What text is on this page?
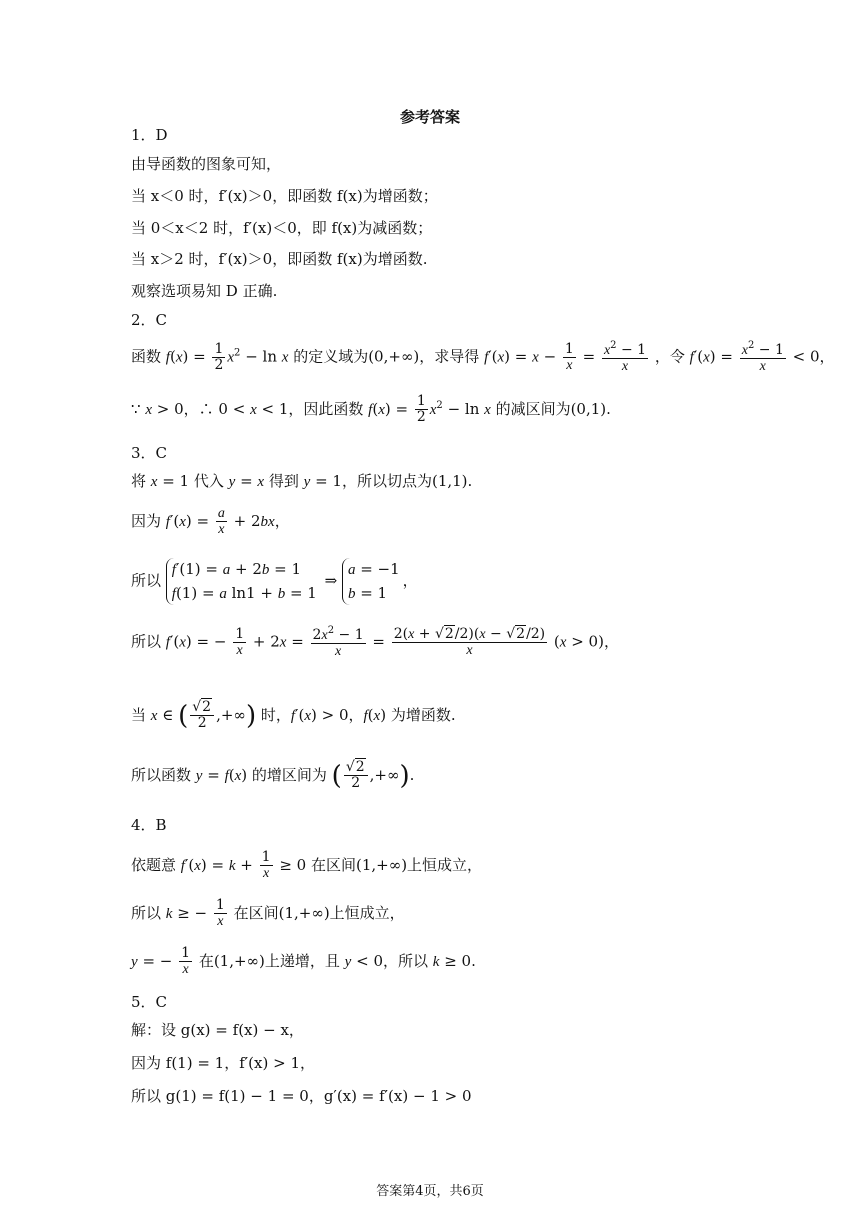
参考答案
1．D
由导函数的图象可知，
当 x＜0 时，f′(x)＞0，即函数 f(x)为增函数；
当 0＜x＜2 时，f′(x)＜0，即 f(x)为减函数；
当 x＞2 时，f′(x)＞0，即函数 f(x)为增函数.
观察选项易知 D 正确.
2．C
函数 $f(x) = \frac{1}{2} x^2 - \ln x$ 的定义域为(0,+∞)，求导得 $f'(x) = x - \frac{1}{x} = \frac{x^2 - 1}{x}$ ，令 $f'(x) = \frac{x^2 - 1}{x} < 0$，
∵ x > 0，∴ 0 < x < 1，因此函数 $f(x) = \frac{1}{2} x^2 - \ln x$ 的减区间为(0,1).
3．C
将 x = 1 代入 y = x 得到 y = 1，所以切点为(1,1).
因为 $f'(x) = \frac{a}{x} + 2bx$，
所以 f′(1) = a + 2b = 1
f(1) = a ln1 + b = 1 ⇒ a = −1
b = 1，
所以 f′(x) = − $\frac{1}{x} + 2x = \frac{2x^2 - 1}{x} = \frac{2(x + √2/2)(x - √2/2)}{x} (x > 0)$，
当 x ∈ ( $\frac{√2}{2}$ ,+∞) 时，f′(x) > 0，f(x) 为增函数.
所以函数 y = f(x) 的增区间为 ( $\frac{√2}{2}$ ,+∞).
4．B
依题意 $f'(x) = k + \frac{1}{x} \ge 0$ 在区间(1,+∞)上恒成立，
所以 k ≥ − $\frac{1}{x}$ 在区间(1,+∞)上恒成立，
y = − $\frac{1}{x}$ 在(1,+∞)上递增，且 y < 0，所以 k ≥ 0.
5．C
解：设 g(x) = f(x) − x，
因为 f(1) = 1，f′(x) > 1，
所以 g(1) = f(1) − 1 = 0，g′(x) = f′(x) − 1 > 0
答案第4页，共6页
